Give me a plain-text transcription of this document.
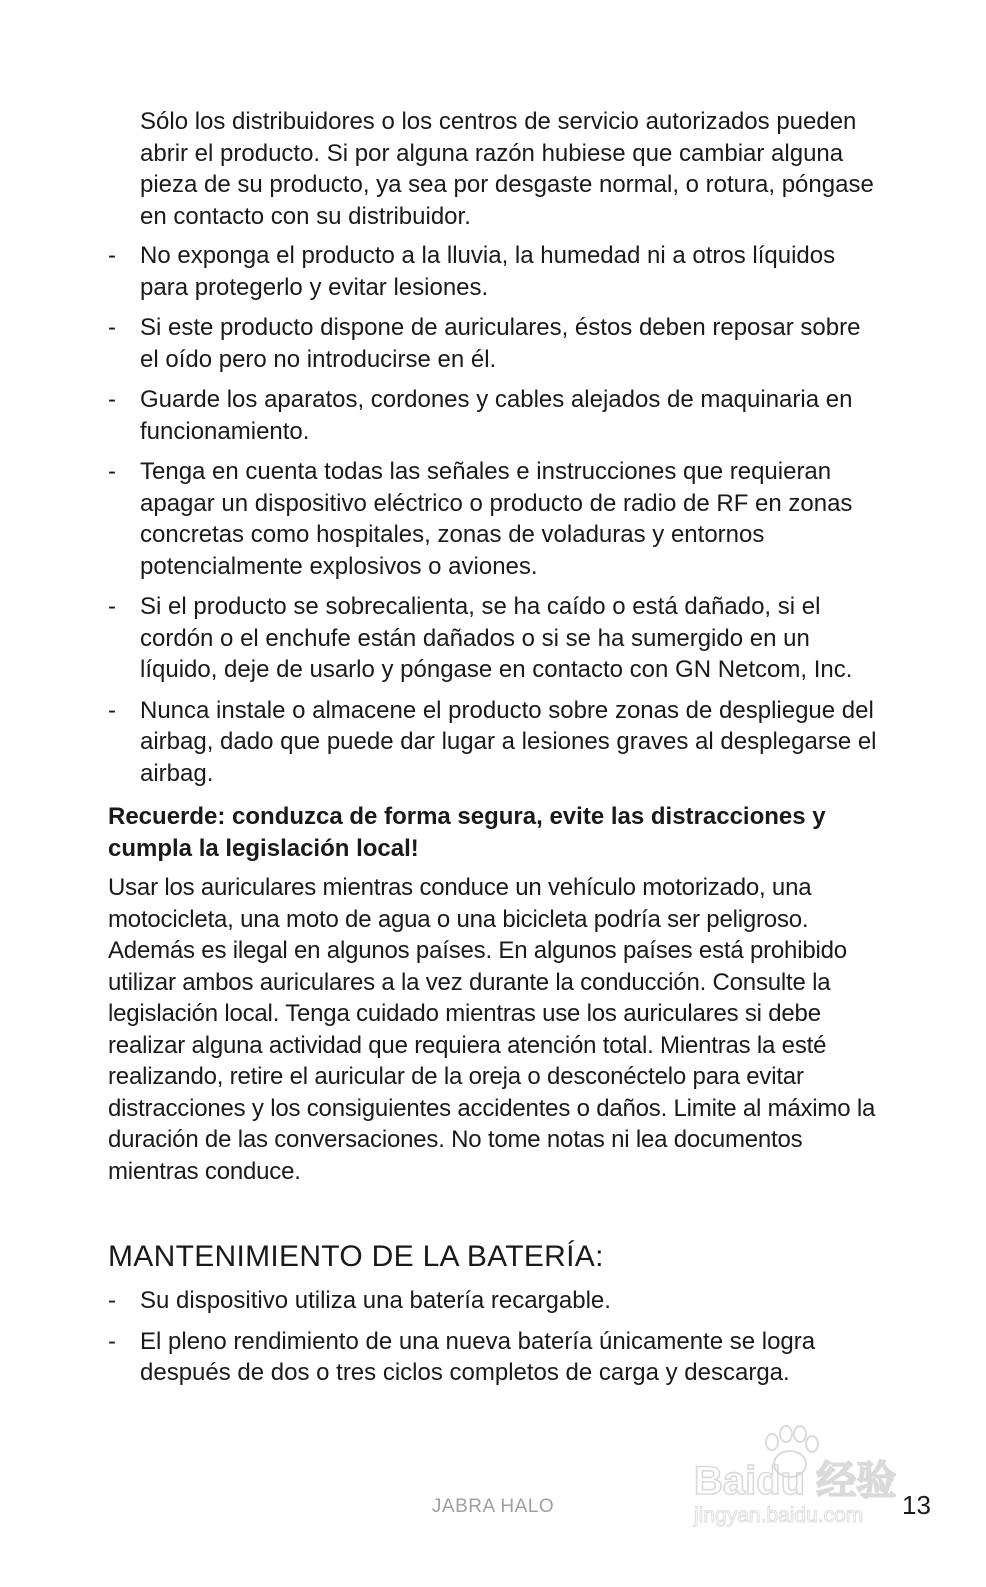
Sólo los distribuidores o los centros de servicio autorizados pueden abrir el producto. Si por alguna razón hubiese que cambiar alguna pieza de su producto, ya sea por desgaste normal, o rotura, póngase en contacto con su distribuidor.

-	No exponga el producto a la lluvia, la humedad ni a otros líquidos para protegerlo y evitar lesiones.
-	Si este producto dispone de auriculares, éstos deben reposar sobre el oído pero no introducirse en él.
-	Guarde los aparatos, cordones y cables alejados de maquinaria en funcionamiento.
-	Tenga en cuenta todas las señales e instrucciones que requieran apagar un dispositivo eléctrico o producto de radio de RF en zonas concretas como hospitales, zonas de voladuras y entornos potencialmente explosivos o aviones.
-	Si el producto se sobrecalienta, se ha caído o está dañado, si el cordón o el enchufe están dañados o si se ha sumergido en un líquido, deje de usarlo y póngase en contacto con GN Netcom, Inc.
-	Nunca instale o almacene el producto sobre zonas de despliegue del airbag, dado que puede dar lugar a lesiones graves al desplegarse el airbag.

Recuerde: conduzca de forma segura, evite las distracciones y cumpla la legislación local!

Usar los auriculares mientras conduce un vehículo motorizado, una motocicleta, una moto de agua o una bicicleta podría ser peligroso. Además es ilegal en algunos países. En algunos países está prohibido utilizar ambos auriculares a la vez durante la conducción. Consulte la legislación local. Tenga cuidado mientras use los auriculares si debe realizar alguna actividad que requiera atención total. Mientras la esté realizando, retire el auricular de la oreja o desconéctelo para evitar distracciones y los consiguientes accidentes o daños. Limite al máximo la duración de las conversaciones. No tome notas ni lea documentos mientras conduce.

MANTENIMIENTO DE LA BATERÍA:
-	Su dispositivo utiliza una batería recargable.
-	El pleno rendimiento de una nueva batería únicamente se logra después de dos o tres ciclos completos de carga y descarga.
Baidu 经验
jingyan.baidu.com
JABRA HALO	13
